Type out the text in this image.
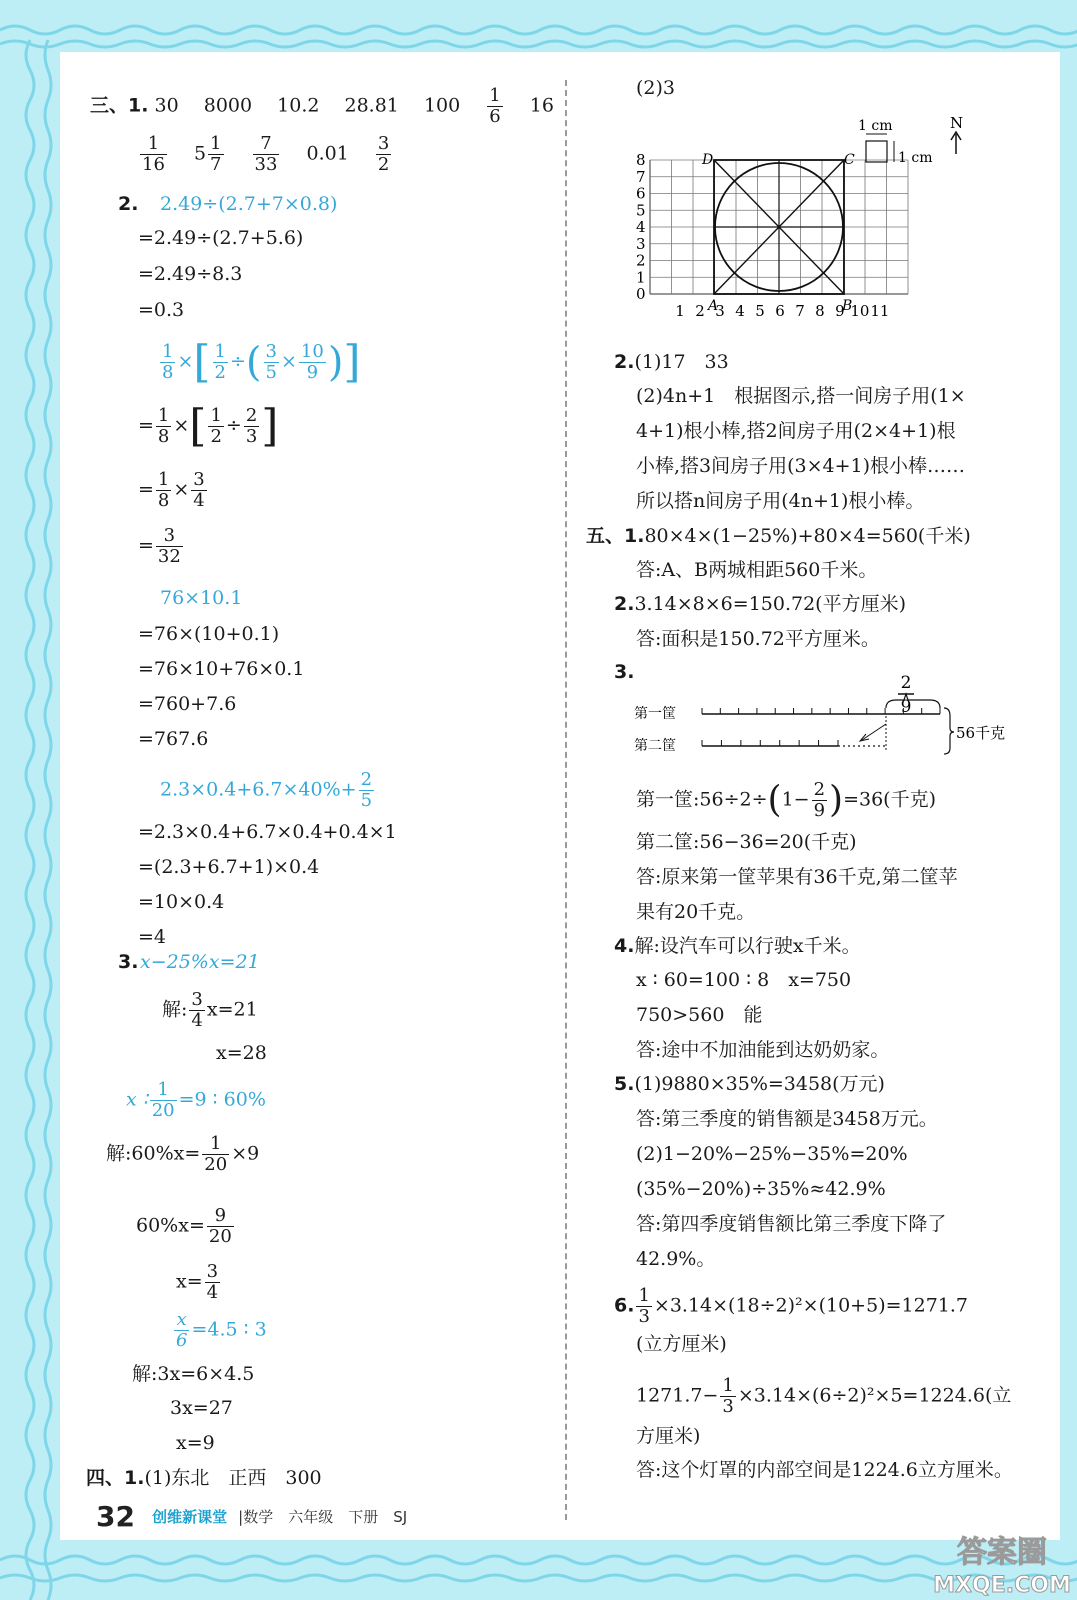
三、1. 30  8000  10.2  28.81  100  $\frac{1}{6}$
  16
$\frac{1}{16}$
  $5 \frac{1}{7}$
  $\frac{7}{33}$
  0.01  $\frac{3}{2}$
2. 2.49÷(2.7+7×0.8)
=2.49÷(2.7+5.6)
=2.49÷8.3
=0.3
$\frac{1}{8}$ ×[ $\frac{1}{2}$ ÷( $\frac{3}{5} \times \frac{10}{9}$ )]
= $\frac{1}{8}$ ×[ $\frac{1}{2} \div \frac{2}{3}$ ]
= $\frac{1}{8} \times \frac{3}{4}$
= $\frac{3}{32}$
76×10.1
=76×(10+0.1)
=76×10+76×0.1
=760+7.6
=767.6
$2.3\times 0.4+6.7\times 40\%+ \frac{2}{5}$
=2.3×0.4+6.7×0.4+0.4×1
=(2.3+6.7+1)×0.4
=10×0.4
=4
3. x−25%x=21
解: $\frac{3}{4} x=21$
x=28
x ∶ $\frac{1}{20} =9$ ∶ 60%
解:60%x= $\frac{1}{20} \times 9$
$60\%x= \frac{9}{20}$
$x= \frac{3}{4}$
$\frac{x}{6} =4.5$ ∶ 3
解:3x=6×4.5
3x=27
x=9
四、1.(1)东北　正西　300
(2)3
0
1
2
3
4
5
6
7
8
1 2 3 4 5 6 7 8 9 10 11
A	B
C
D
1 cm
1 cm
N
2.(1)17　33
(2)4n+1　根据图示,搭一间房子用(1×
4+1)根小棒,搭2间房子用(2×4+1)根
小棒,搭3间房子用(3×4+1)根小棒……
所以搭n间房子用(4n+1)根小棒。
五、1.80×4×(1−25%)+80×4=560(千米)
答:A、B两城相距560千米。
2.3.14×8×6=150.72(平方厘米)
答:面积是150.72平方厘米。
3.	2
9
第一筐
第二筐
56千克
第一筐:56÷2÷(1− $\frac{2}{9} )=36$(千克)
第二筐:56−36=20(千克)
答:原来第一筐苹果有36千克,第二筐苹
果有20千克。
4.解:设汽车可以行驶x千米。
x ∶ 60=100 ∶ 8　x=750
750>560　能
答:途中不加油能到达奶奶家。
5.(1)9880×35%=3458(万元)
答:第三季度的销售额是3458万元。
(2)1−20%−25%−35%=20%
(35%−20%)÷35%≈42.9%
答:第四季度销售额比第三季度下降了
42.9%。
6. $\frac{1}{3} \times 3.14\times(18\div 2)^2\times(10+5)=1271.7$
(立方厘米)
$1271.7- \frac{1}{3} \times 3.14\times(6\div 2)^2\times 5=1224.6$(立
方厘米)
答:这个灯罩的内部空间是1224.6立方厘米。
32 创维新课堂 |数学　六年级　下册　SJ
答案圈
MXQE.COM
